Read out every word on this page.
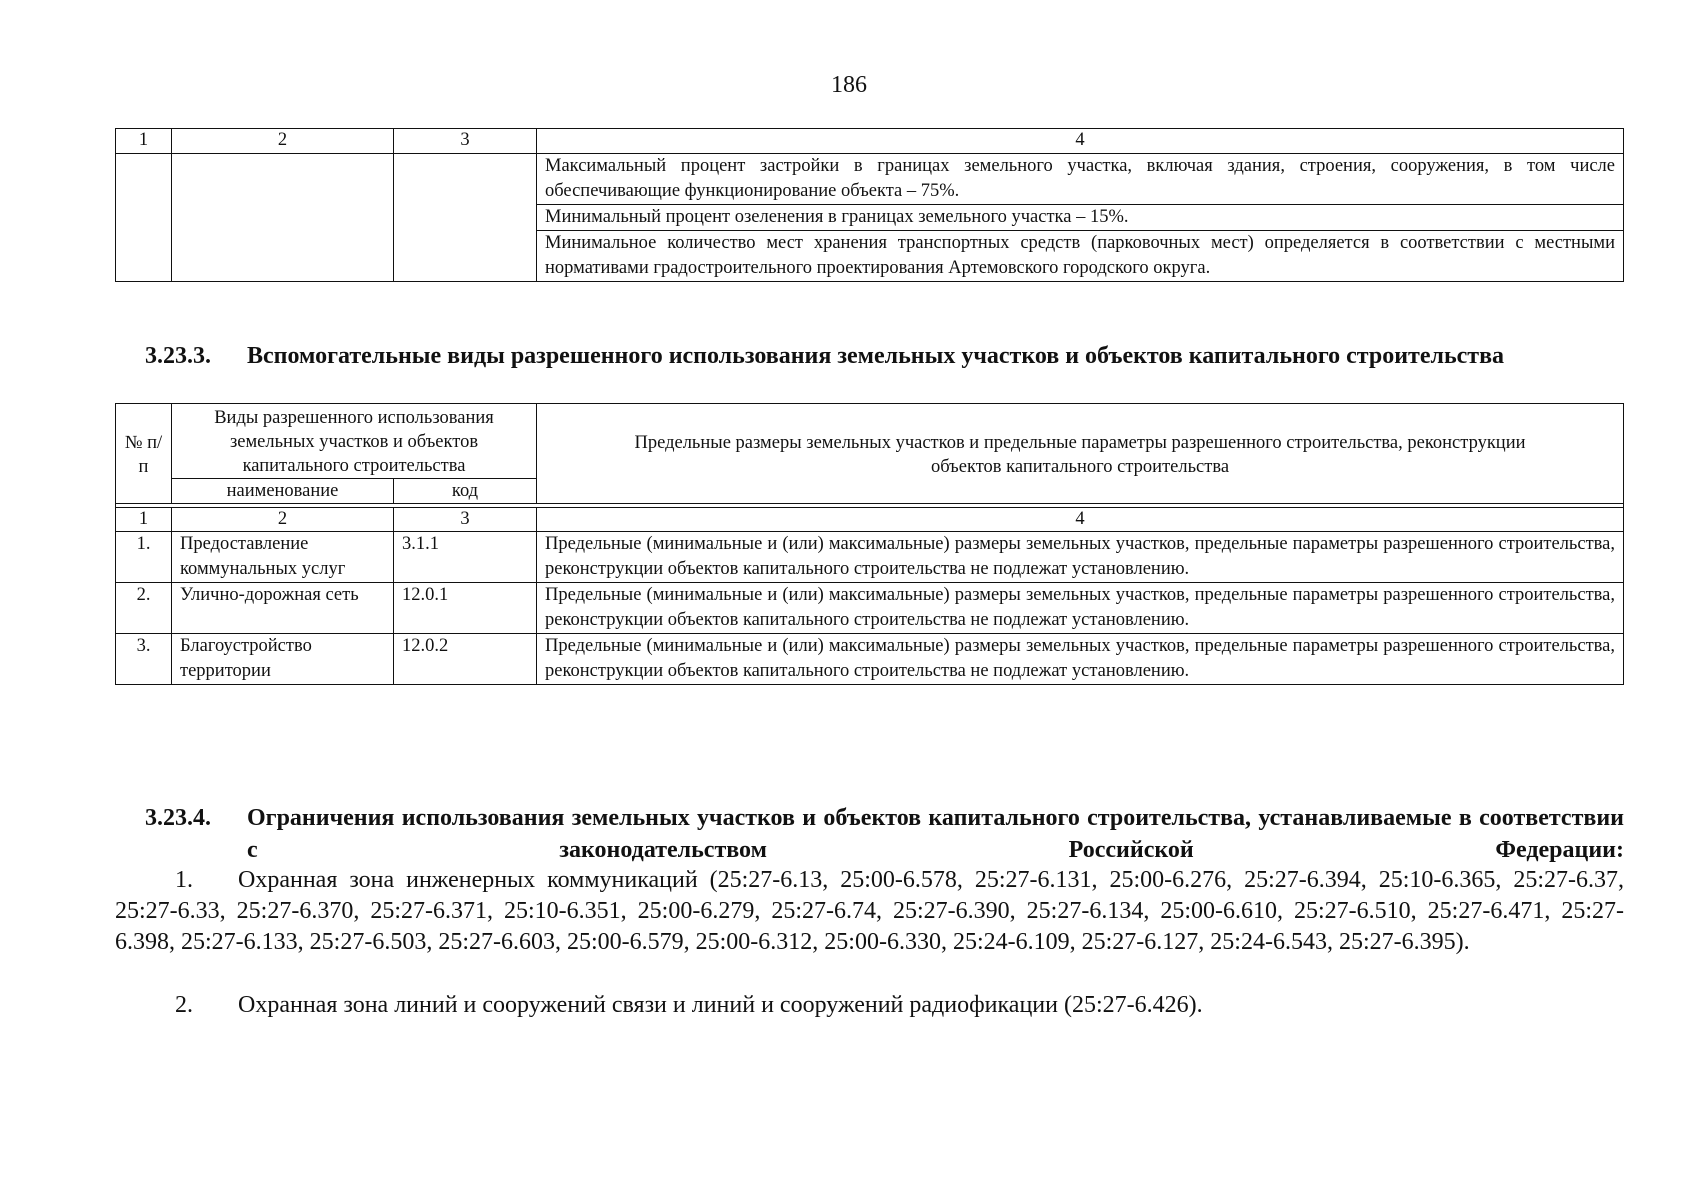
186
1	2	3	4
			Максимальный процент застройки в границах земельного участка, включая здания, строения, сооружения, в том числе обеспечивающие функционирование объекта – 75%.
			Минимальный процент озеленения в границах земельного участка – 15%.
			Минимальное количество мест хранения транспортных средств (парковочных мест) определяется в соответствии с местными нормативами градостроительного проектирования Артемовского городского округа.
3.23.3. Вспомогательные виды разрешенного использования земельных участков и объектов капитального строительства
№ п/п	Виды разрешенного использования земельных участков и объектов капитального строительства		Предельные размеры земельных участков и предельные параметры разрешенного строительства, реконструкции объектов капитального строительства
	наименование	код	

1	2	3	4
1.	Предоставление коммунальных услуг	3.1.1	Предельные (минимальные и (или) максимальные) размеры земельных участков, предельные параметры разрешенного строительства, реконструкции объектов капитального строительства не подлежат установлению.
2.	Улично-дорожная сеть	12.0.1	Предельные (минимальные и (или) максимальные) размеры земельных участков, предельные параметры разрешенного строительства, реконструкции объектов капитального строительства не подлежат установлению.
3.	Благоустройство территории	12.0.2	Предельные (минимальные и (или) максимальные) размеры земельных участков, предельные параметры разрешенного строительства, реконструкции объектов капитального строительства не подлежат установлению.
3.23.4. Ограничения использования земельных участков и объектов капитального строительства, устанавливаемые в соответствии с законодательством Российской Федерации:
1. Охранная зона инженерных коммуникаций (25:27-6.13, 25:00-6.578, 25:27-6.131, 25:00-6.276, 25:27-6.394, 25:10-6.365, 25:27-6.37, 25:27-6.33, 25:27-6.370, 25:27-6.371, 25:10-6.351, 25:00-6.279, 25:27-6.74, 25:27-6.390, 25:27-6.134, 25:00-6.610, 25:27-6.510, 25:27-6.471, 25:27-6.398, 25:27-6.133, 25:27-6.503, 25:27-6.603, 25:00-6.579, 25:00-6.312, 25:00-6.330, 25:24-6.109, 25:27-6.127, 25:24-6.543, 25:27-6.395).
2. Охранная зона линий и сооружений связи и линий и сооружений радиофикации (25:27-6.426).
